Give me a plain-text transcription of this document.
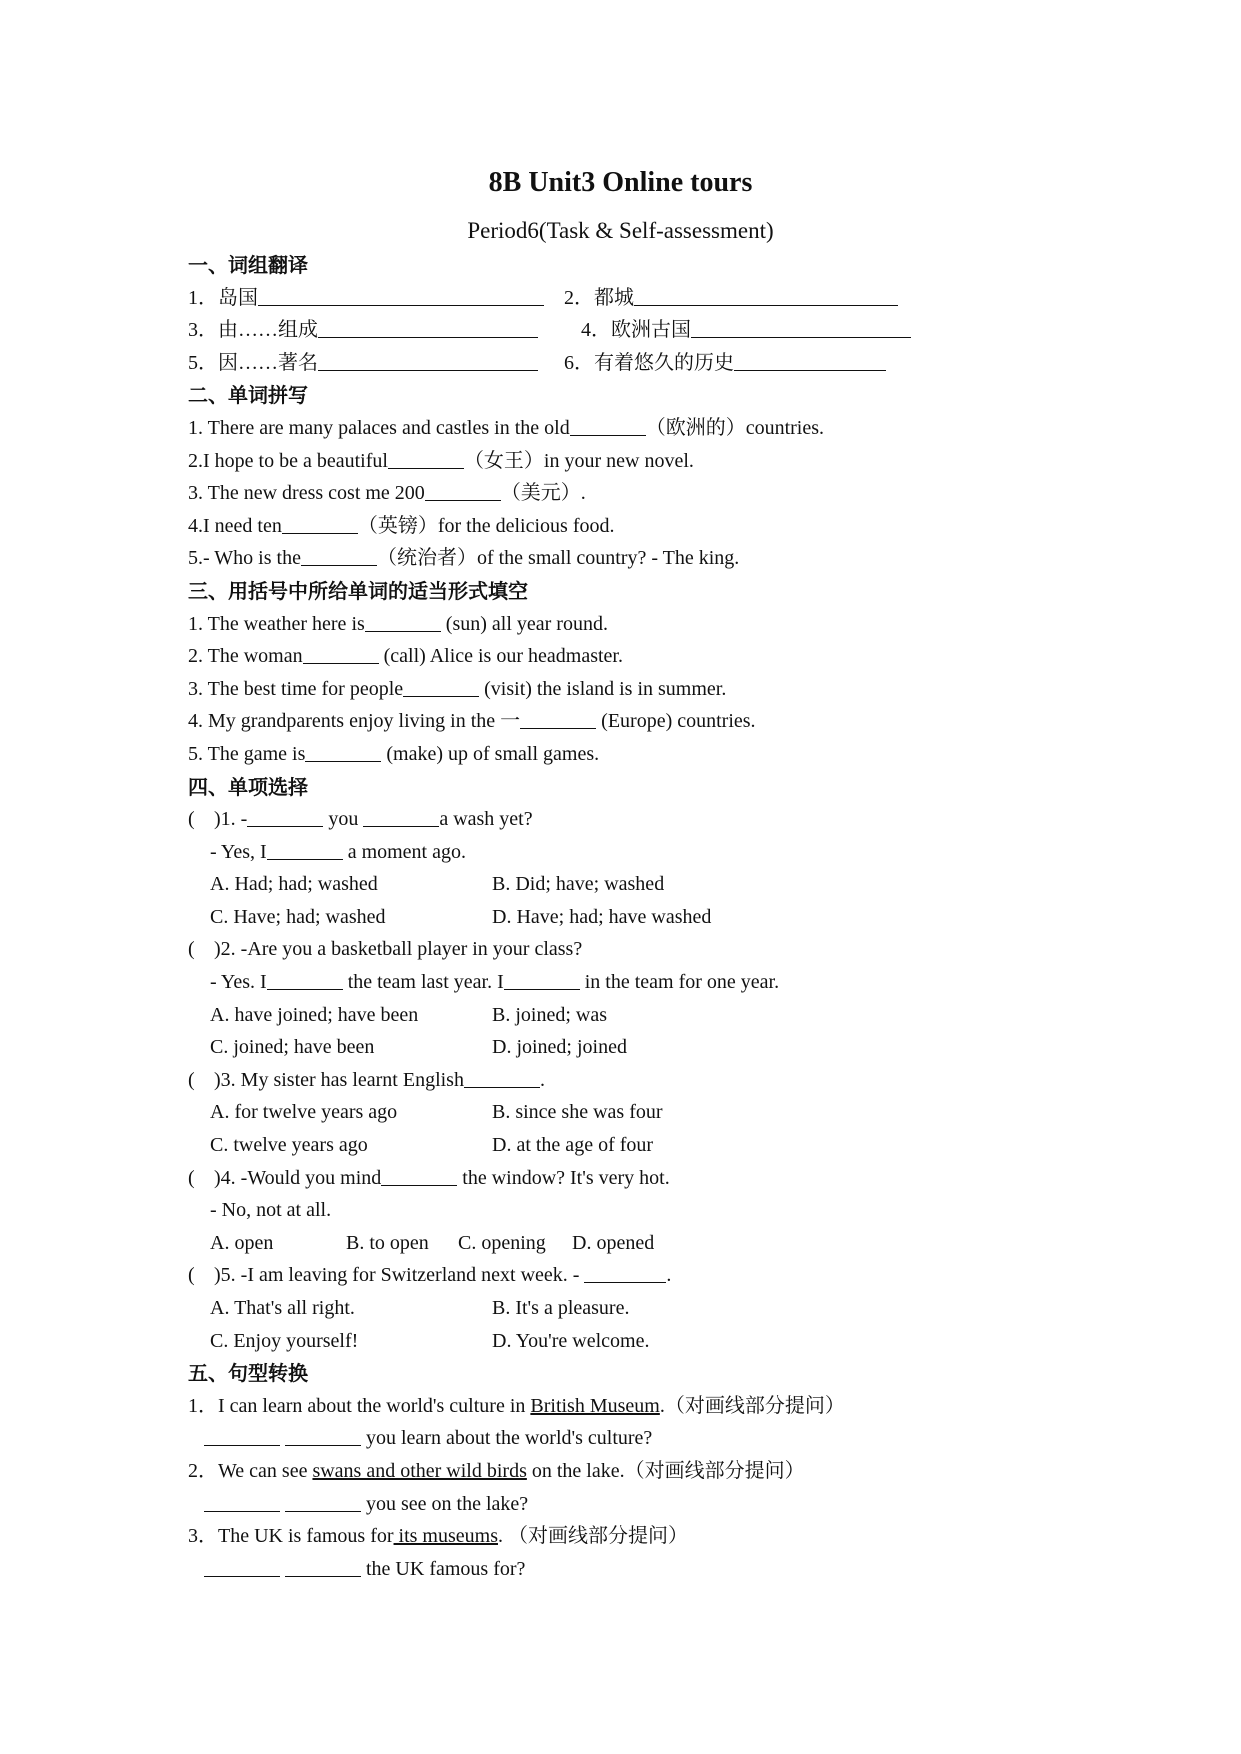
8B Unit3 Online tours
Period6(Task & Self-assessment)
一、词组翻译
1．岛国	2．都城
3．由……组成	4．欧洲古国
5．因……著名	6．有着悠久的历史
二、单词拼写
1. There are many palaces and castles in the old	（欧洲的）countries.
2.I hope to be a beautiful	（女王）in your new novel.
3. The new dress cost me 200	（美元）.
4.I need ten	（英镑）for the delicious food.
5.- Who is the	（统治者）of the small country? - The king.
三、用括号中所给单词的适当形式填空
1. The weather here is	(sun) all year round.
2. The woman	(call) Alice is our headmaster.
3. The best time for people	(visit) the island is in summer.
4. My grandparents enjoy living in the 一	(Europe) countries.
5. The game is	(make) up of small games.
四、单项选择
( )1. -	you	a wash yet?
- Yes, I	a moment ago.
A. Had; had; washed	B. Did; have; washed
C. Have; had; washed	D. Have; had; have washed
( )2. -Are you a basketball player in your class?
- Yes. I	the team last year. I	in the team for one year.
A. have joined; have been	B. joined; was
C. joined; have been	D. joined; joined
( )3. My sister has learnt English	.
A. for twelve years ago	B. since she was four
C. twelve years ago	D. at the age of four
( )4. -Would you mind	the window? It's very hot.
- No, not at all.
A. open	B. to open C. opening D. opened
( )5. -I am leaving for Switzerland next week. -	.
A. That's all right.	B. It's a pleasure.
C. Enjoy yourself!	D. You're welcome.
五、句型转换
1．I can learn about the world's culture in British Museum.（对画线部分提问）
you learn about the world's culture?
2．We can see swans and other wild birds on the lake.（对画线部分提问）
you see on the lake?
3．The UK is famous for its museums. （对画线部分提问）
the UK famous for?
